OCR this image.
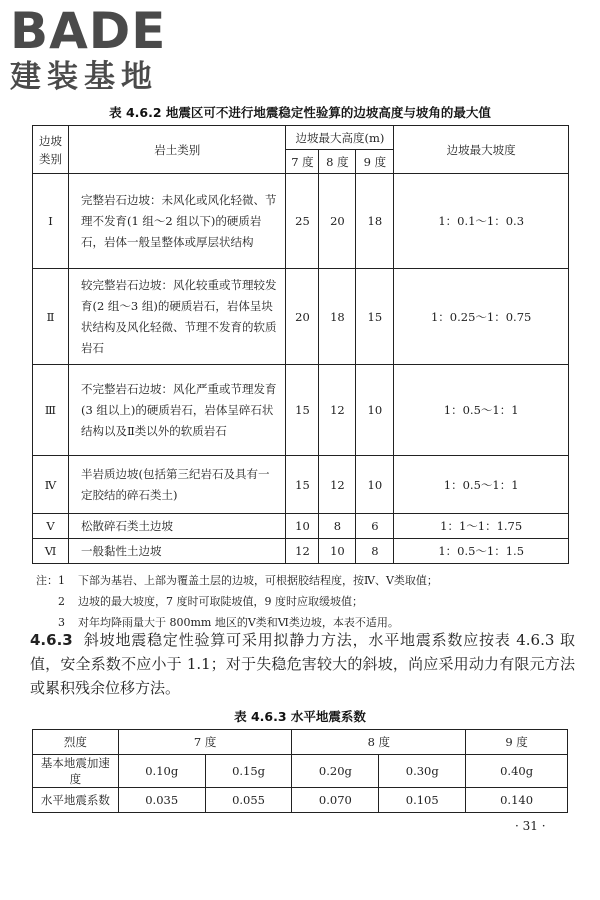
BADE
建装基地
表 4.6.2 地震区可不进行地震稳定性验算的边坡高度与坡角的最大值
边坡类别	岩土类别	边坡最大高度(m)			边坡最大坡度
		7 度	8 度	9 度	
Ⅰ	完整岩石边坡：未风化或风化轻微、节理不发育(1 组～2 组以下)的硬质岩石，岩体一般呈整体或厚层状结构	25	20	18	1：0.1～1：0.3
Ⅱ	较完整岩石边坡：风化较重或节理较发育(2 组～3 组)的硬质岩石，岩体呈块状结构及风化轻微、节理不发育的软质岩石	20	18	15	1：0.25～1：0.75
Ⅲ	不完整岩石边坡：风化严重或节理发育(3 组以上)的硬质岩石，岩体呈碎石状结构以及Ⅱ类以外的软质岩石	15	12	10	1：0.5～1：1
Ⅳ	半岩质边坡(包括第三纪岩石及具有一定胶结的碎石类土)	15	12	10	1：0.5～1：1
Ⅴ	松散碎石类土边坡	10	8	6	1：1～1：1.75
Ⅵ	一般黏性土边坡	12	10	8	1：0.5～1：1.5
注： 1 下部为基岩、上部为覆盖土层的边坡，可根据胶结程度，按Ⅳ、Ⅴ类取值；
2 边坡的最大坡度，7 度时可取陡坡值，9 度时应取缓坡值；
3 对年均降雨量大于 800mm 地区的Ⅴ类和Ⅵ类边坡，本表不适用。
4.6.3 斜坡地震稳定性验算可采用拟静力方法，水平地震系数应按表 4.6.3 取值，安全系数不应小于 1.1；对于失稳危害较大的斜坡，尚应采用动力有限元方法或累积残余位移方法。
表 4.6.3 水平地震系数
烈度	7 度		8 度		9 度
基本地震加速度	0.10g	0.15g	0.20g	0.30g	0.40g
水平地震系数	0.035	0.055	0.070	0.105	0.140
· 31 ·
